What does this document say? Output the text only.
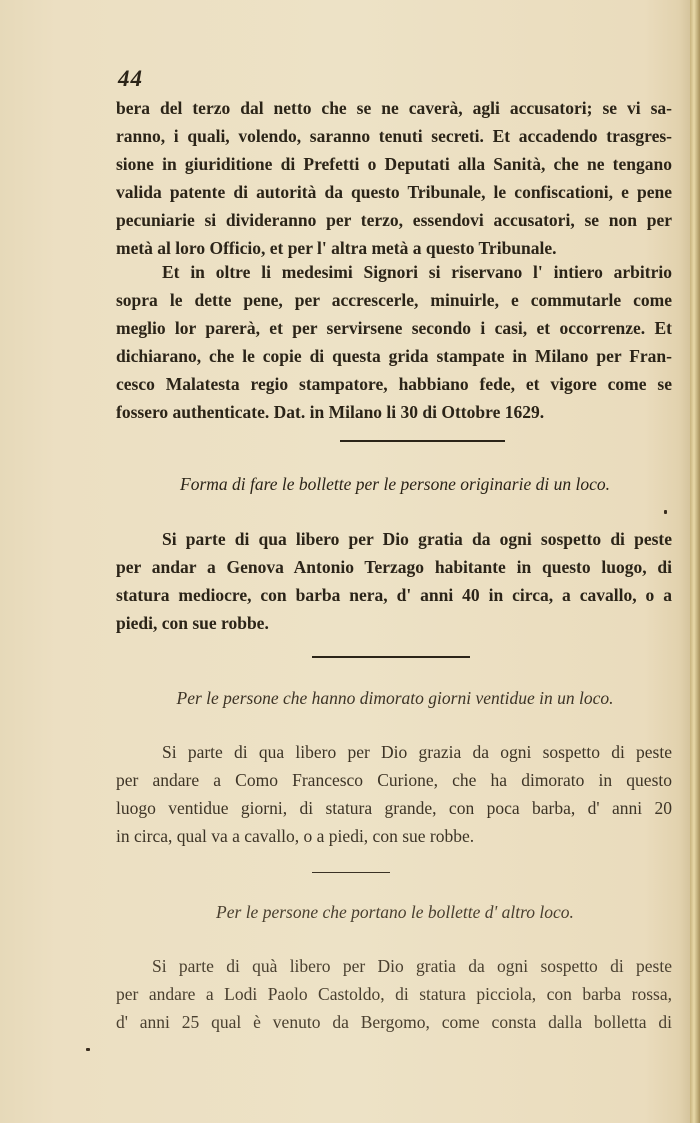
44
bera del terzo dal netto che se ne caverà, agli accusatori; se vi sa-
ranno, i quali, volendo, saranno tenuti secreti. Et accadendo trasgres-
sione in giuriditione di Prefetti o Deputati alla Sanità, che ne tengano
valida patente di autorità da questo Tribunale, le confiscationi, e pene
pecuniarie si divideranno per terzo, essendovi accusatori, se non per
metà al loro Officio, et per l' altra metà a questo Tribunale.
Et in oltre li medesimi Signori si riservano l' intiero arbitrio
sopra le dette pene, per accrescerle, minuirle, e commutarle come
meglio lor parerà, et per servirsene secondo i casi, et occorrenze. Et
dichiarano, che le copie di questa grida stampate in Milano per Fran-
cesco Malatesta regio stampatore, habbiano fede, et vigore come se
fossero authenticate. Dat. in Milano li 30 di Ottobre 1629.
Forma di fare le bollette per le persone originarie di un loco.
Si parte di qua libero per Dio gratia da ogni sospetto di peste
per andar a Genova Antonio Terzago habitante in questo luogo, di
statura mediocre, con barba nera, d' anni 40 in circa, a cavallo, o a
piedi, con sue robbe.
Per le persone che hanno dimorato giorni ventidue in un loco.
Si parte di qua libero per Dio grazia da ogni sospetto di peste
per andare a Como Francesco Curione, che ha dimorato in questo
luogo ventidue giorni, di statura grande, con poca barba, d' anni 20
in circa, qual va a cavallo, o a piedi, con sue robbe.
Per le persone che portano le bollette d' altro loco.
Si parte di quà libero per Dio gratia da ogni sospetto di peste
per andare a Lodi Paolo Castoldo, di statura picciola, con barba rossa,
d' anni 25 qual è venuto da Bergomo, come consta dalla bolletta di
